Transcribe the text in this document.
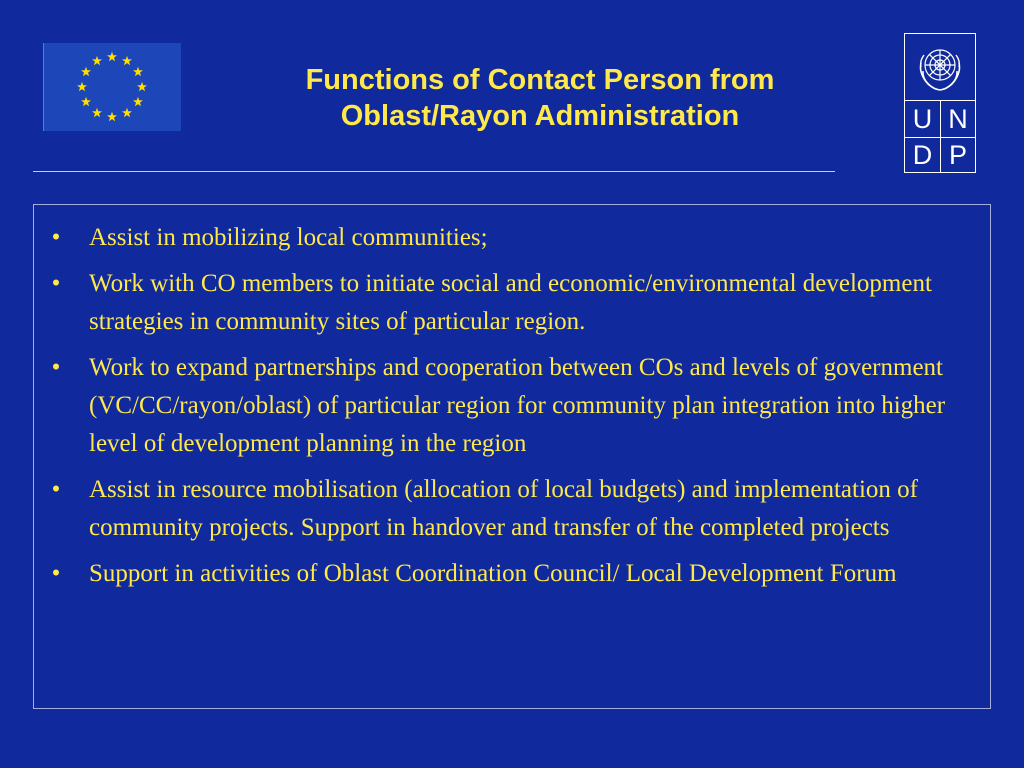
Functions of Contact Person from
Oblast/Rayon Administration	U N
D P
• Assist in mobilizing local communities;
• Work with CO members to initiate social and economic/environmental development strategies in community sites of particular region.
• Work to expand partnerships and cooperation between COs and levels of government (VC/CC/rayon/oblast) of particular region for community plan integration into higher level of development planning in the region
• Assist in resource mobilisation (allocation of local budgets) and implementation of community projects. Support in handover and transfer of the completed projects
• Support in activities of Oblast Coordination Council/ Local Development Forum
